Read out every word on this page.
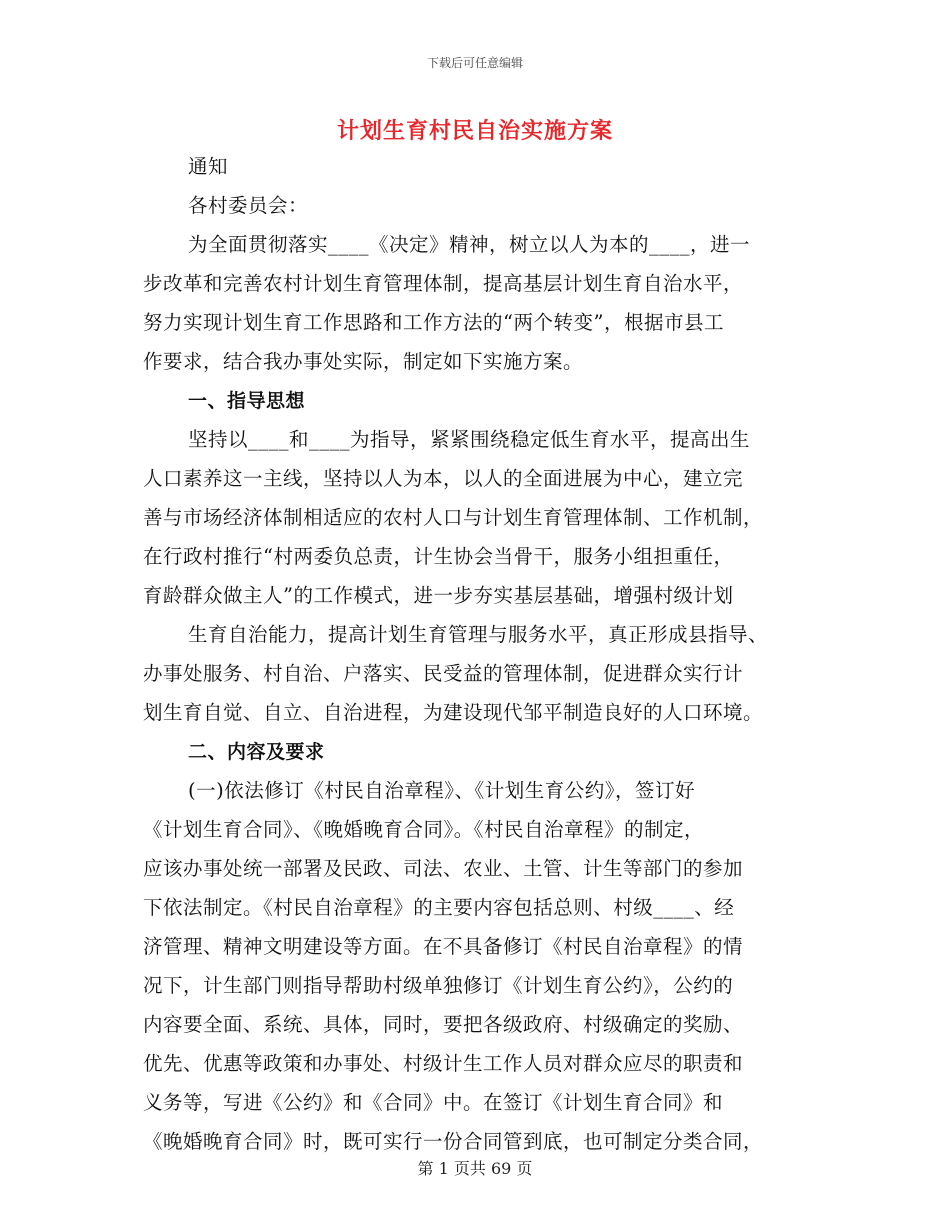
下载后可任意编辑
计划生育村民自治实施方案
通知
各村委员会：
为全面贯彻落实____《决定》精神，树立以人为本的____，进一
步改革和完善农村计划生育管理体制，提高基层计划生育自治水平，
努力实现计划生育工作思路和工作方法的“两个转变”，根据市县工
作要求，结合我办事处实际，制定如下实施方案。
一、指导思想
坚持以____和____为指导，紧紧围绕稳定低生育水平，提高出生
人口素养这一主线，坚持以人为本，以人的全面进展为中心，建立完
善与市场经济体制相适应的农村人口与计划生育管理体制、工作机制，
在行政村推行“村两委负总责，计生协会当骨干，服务小组担重任，
育龄群众做主人”的工作模式，进一步夯实基层基础，增强村级计划
生育自治能力，提高计划生育管理与服务水平，真正形成县指导、
办事处服务、村自治、户落实、民受益的管理体制，促进群众实行计
划生育自觉、自立、自治进程，为建设现代邹平制造良好的人口环境。
二、内容及要求
(一)依法修订《村民自治章程》、《计划生育公约》，签订好
《计划生育合同》、《晚婚晚育合同》。《村民自治章程》的制定，
应该办事处统一部署及民政、司法、农业、土管、计生等部门的参加
下依法制定。《村民自治章程》的主要内容包括总则、村级____、经
济管理、精神文明建设等方面。在不具备修订《村民自治章程》的情
况下，计生部门则指导帮助村级单独修订《计划生育公约》，公约的
内容要全面、系统、具体，同时，要把各级政府、村级确定的奖励、
优先、优惠等政策和办事处、村级计生工作人员对群众应尽的职责和
义务等，写进《公约》和《合同》中。在签订《计划生育合同》和
《晚婚晚育合同》时，既可实行一份合同管到底，也可制定分类合同，
第 1 页共 69 页
